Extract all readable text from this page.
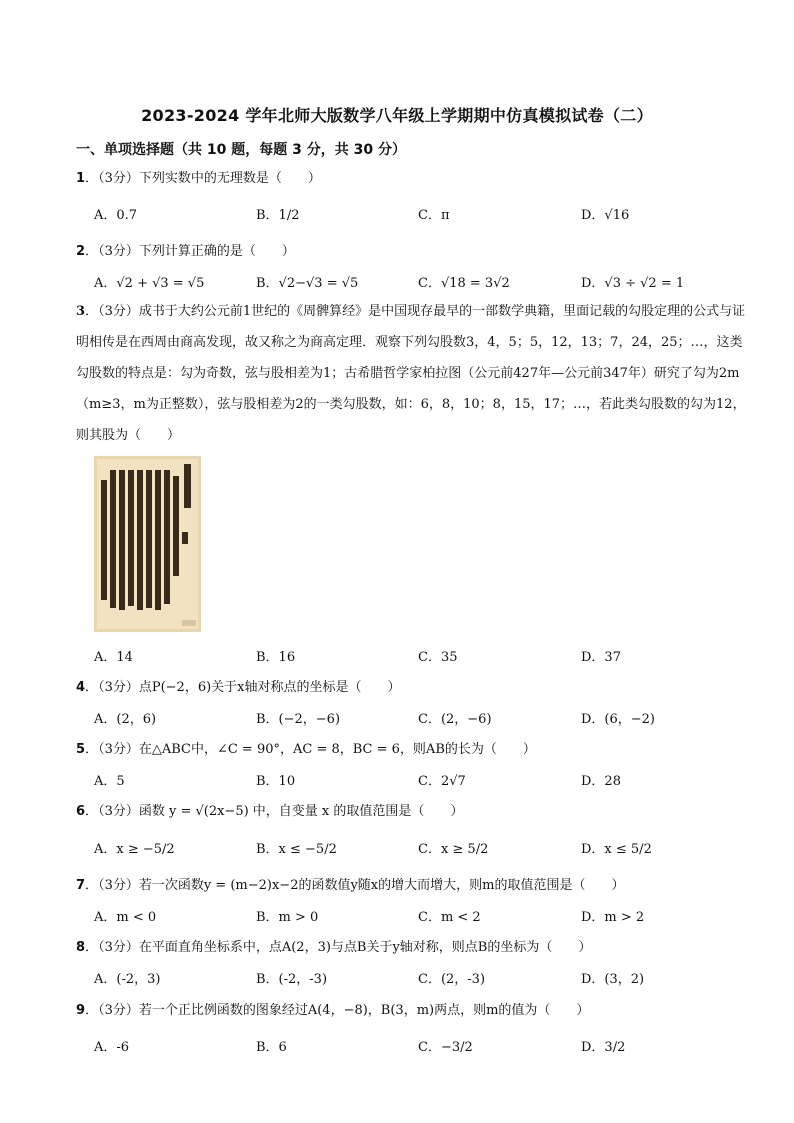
2023-2024 学年北师大版数学八年级上学期期中仿真模拟试卷（二）
一、单项选择题（共 10 题，每题 3 分，共 30 分）
1．（3分）下列实数中的无理数是（　　）
A．0.7	B．1/2	C．π	D．√16
2．（3分）下列计算正确的是（　　）
A．√2 + √3 = √5	B．√2−√3 = √5	C．√18 = 3√2	D．√3 ÷ √2 = 1
3．（3分）成书于大约公元前1世纪的《周髀算经》是中国现存最早的一部数学典籍，里面记载的勾股定理的公式与证明相传是在西周由商高发现，故又称之为商高定理．观察下列勾股数3，4，5；5，12，13；7，24，25；…，这类勾股数的特点是：勾为奇数，弦与股相差为1；古希腊哲学家柏拉图（公元前427年—公元前347年）研究了勾为2m（m≥3，m为正整数），弦与股相差为2的一类勾股数，如：6，8，10；8，15，17；…，若此类勾股数的勾为12，则其股为（　　）
A．14	B．16	C．35	D．37
4．（3分）点P(−2，6)关于x轴对称点的坐标是（　　）
A．(2，6)	B．(−2，−6)	C．(2，−6)	D．(6，−2)
5．（3分）在△ABC中，∠C = 90°，AC = 8，BC = 6，则AB的长为（　　）
A．5	B．10	C．2√7	D．28
6．（3分）函数 y = √(2x−5) 中，自变量 x 的取值范围是（　　）
A．x ≥ −5/2	B．x ≤ −5/2	C．x ≥ 5/2	D．x ≤ 5/2
7．（3分）若一次函数y = (m−2)x−2的函数值y随x的增大而增大，则m的取值范围是（　　）
A．m < 0	B．m > 0	C．m < 2	D．m > 2
8．（3分）在平面直角坐标系中，点A(2，3)与点B关于y轴对称，则点B的坐标为（　　）
A．(-2，3)	B．(-2，-3)	C．(2，-3)	D．(3，2)
9．（3分）若一个正比例函数的图象经过A(4，−8)，B(3，m)两点，则m的值为（　　）
A．-6	B．6	C．−3/2	D．3/2
